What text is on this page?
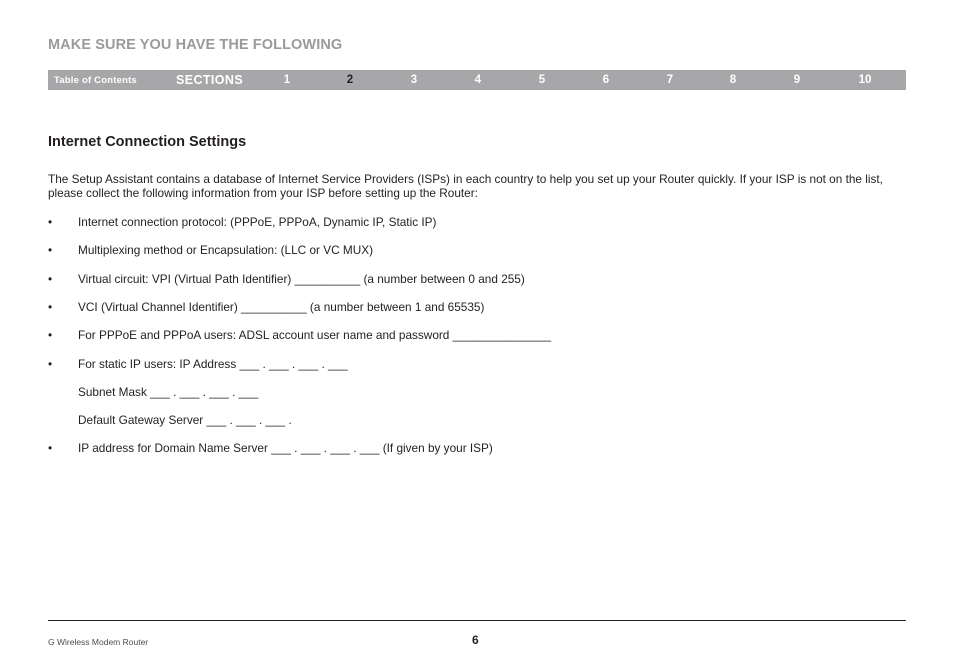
MAKE SURE YOU HAVE THE FOLLOWING
Table of Contents	SECTIONS	1	2	3	4	5	6	7	8	9	10
Internet Connection Settings

The Setup Assistant contains a database of Internet Service Providers (ISPs) in each country to help you set up your Router quickly. If your ISP is not on the list, please collect the following information from your ISP before setting up the Router:

• Internet connection protocol: (PPPoE, PPPoA, Dynamic IP, Static IP)
• Multiplexing method or Encapsulation: (LLC or VC MUX)
• Virtual circuit: VPI (Virtual Path Identifier) __________ (a number between 0 and 255)
• VCI (Virtual Channel Identifier) __________ (a number between 1 and 65535)
• For PPPoE and PPPoA users: ADSL account user name and password _______________
• For static IP users: IP Address ___ . ___ . ___ . ___
Subnet Mask ___ . ___ . ___ . ___
Default Gateway Server ___ . ___ . ___ .
• IP address for Domain Name Server ___ . ___ . ___ . ___ (If given by your ISP)
G Wireless Modem Router	6
